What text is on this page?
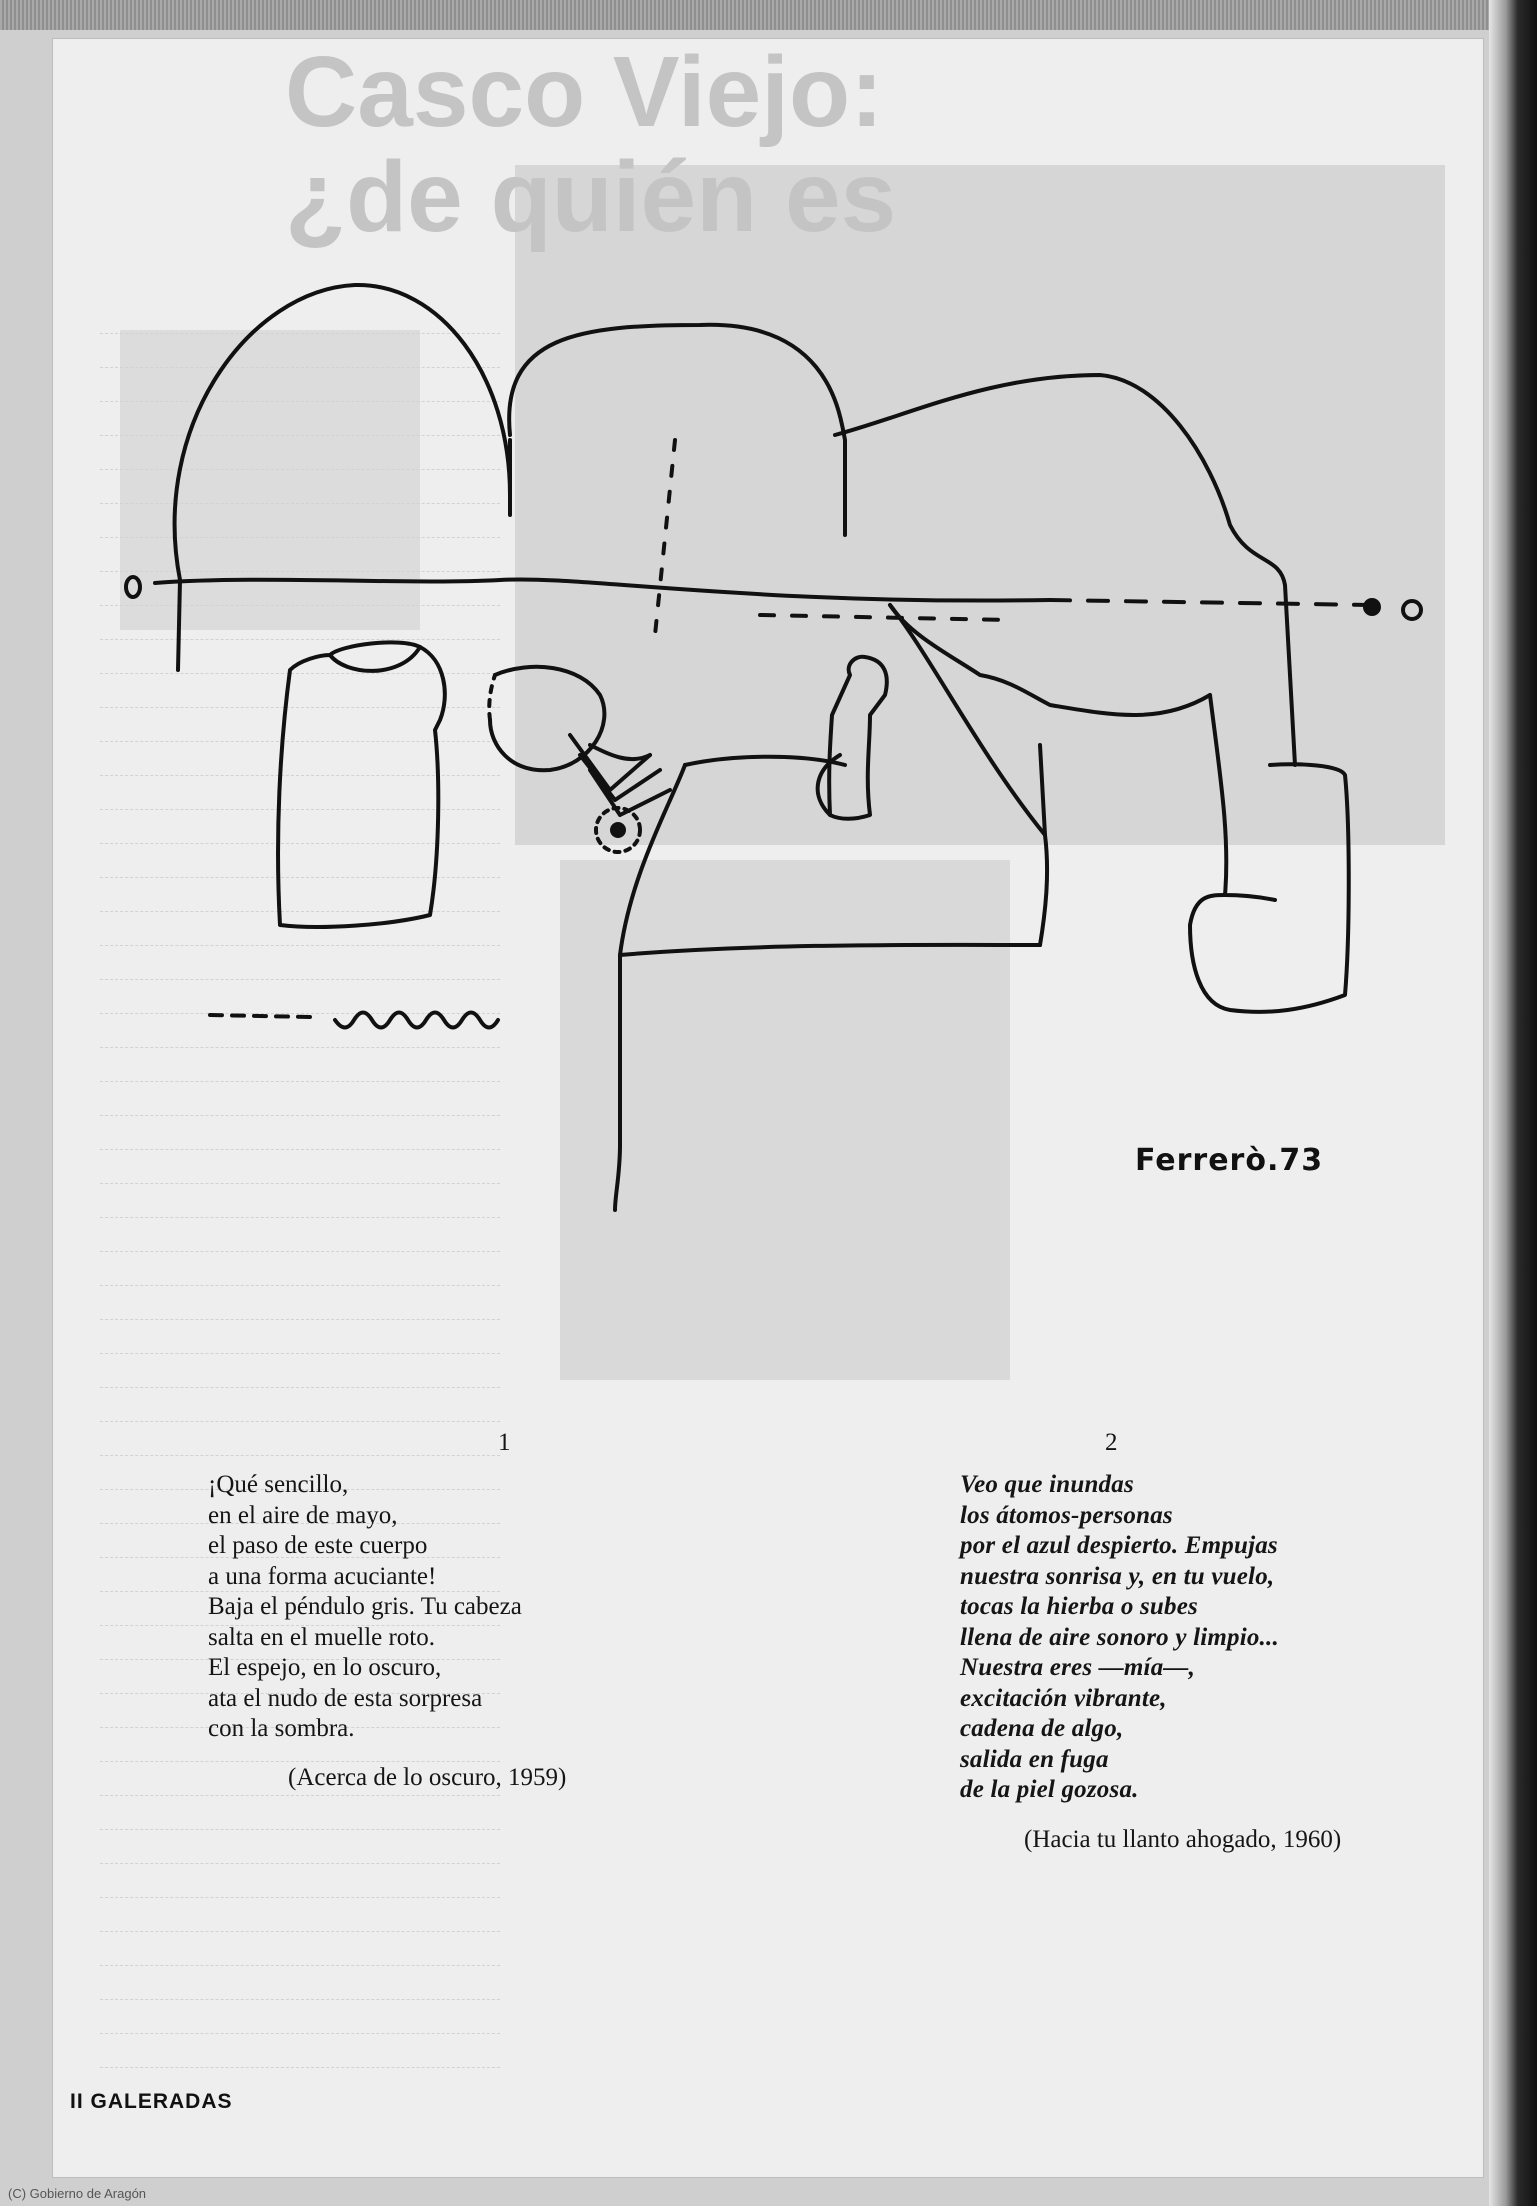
Casco Viejo:
¿de quién es
Ferrerò.73
1
¡Qué sencillo,
en el aire de mayo,
el paso de este cuerpo
a una forma acuciante!
Baja el péndulo gris. Tu cabeza
salta en el muelle roto.
El espejo, en lo oscuro,
ata el nudo de esta sorpresa
con la sombra.
(Acerca de lo oscuro, 1959)
2
Veo que inundas
los átomos-personas
por el azul despierto. Empujas
nuestra sonrisa y, en tu vuelo,
tocas la hierba o subes
llena de aire sonoro y limpio...
Nuestra eres —mía—,
excitación vibrante,
cadena de algo,
salida en fuga
de la piel gozosa.
(Hacia tu llanto ahogado, 1960)
II GALERADAS
(C) Gobierno de Aragón
